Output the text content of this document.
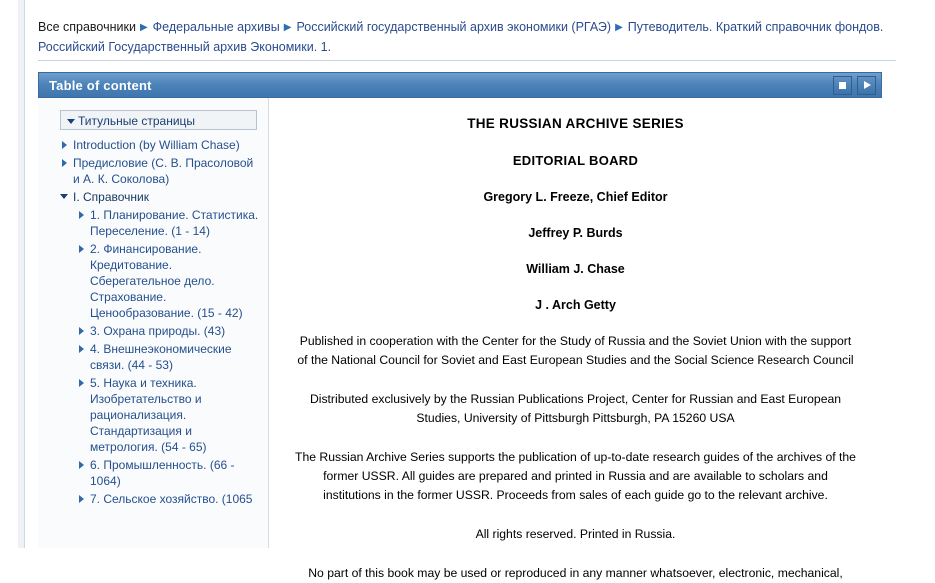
Все справочники ▶ Федеральные архивы ▶ Российский государственный архив экономики (РГАЭ) ▶ Путеводитель. Краткий справочник фондов. Российский Государственный архив Экономики. 1.
Table of content
Титульные страницы
Introduction (by William Chase)
Предисловие (С. В. Прасоловой и А. К. Соколова)
I. Справочник
1. Планирование. Статистика. Переселение. (1 - 14)
2. Финансирование. Кредитование. Сберегательное дело. Страхование. Ценообразование. (15 - 42)
3. Охрана природы. (43)
4. Внешнеэкономические связи. (44 - 53)
5. Наука и техника. Изобретательство и рационализация. Стандартизация и метрология. (54 - 65)
6. Промышленность. (66 - 1064)
7. Сельское хозяйство. (1065
THE RUSSIAN ARCHIVE SERIES
EDITORIAL BOARD
Gregory L. Freeze, Chief Editor
Jeffrey P. Burds
William J. Chase
J . Arch Getty

Published in cooperation with the Center for the Study of Russia and the Soviet Union with the support of the National Council for Soviet and East European Studies and the Social Science Research Council

Distributed exclusively by the Russian Publications Project, Center for Russian and East European Studies, University of Pittsburgh Pittsburgh, PA 15260 USA

The Russian Archive Series supports the publication of up-to-date research guides of the archives of the former USSR. All guides are prepared and printed in Russia and are available to scholars and institutions in the former USSR. Proceeds from sales of each guide go to the relevant archive.

All rights reserved. Printed in Russia.

No part of this book may be used or reproduced in any manner whatsoever, electronic, mechanical,
